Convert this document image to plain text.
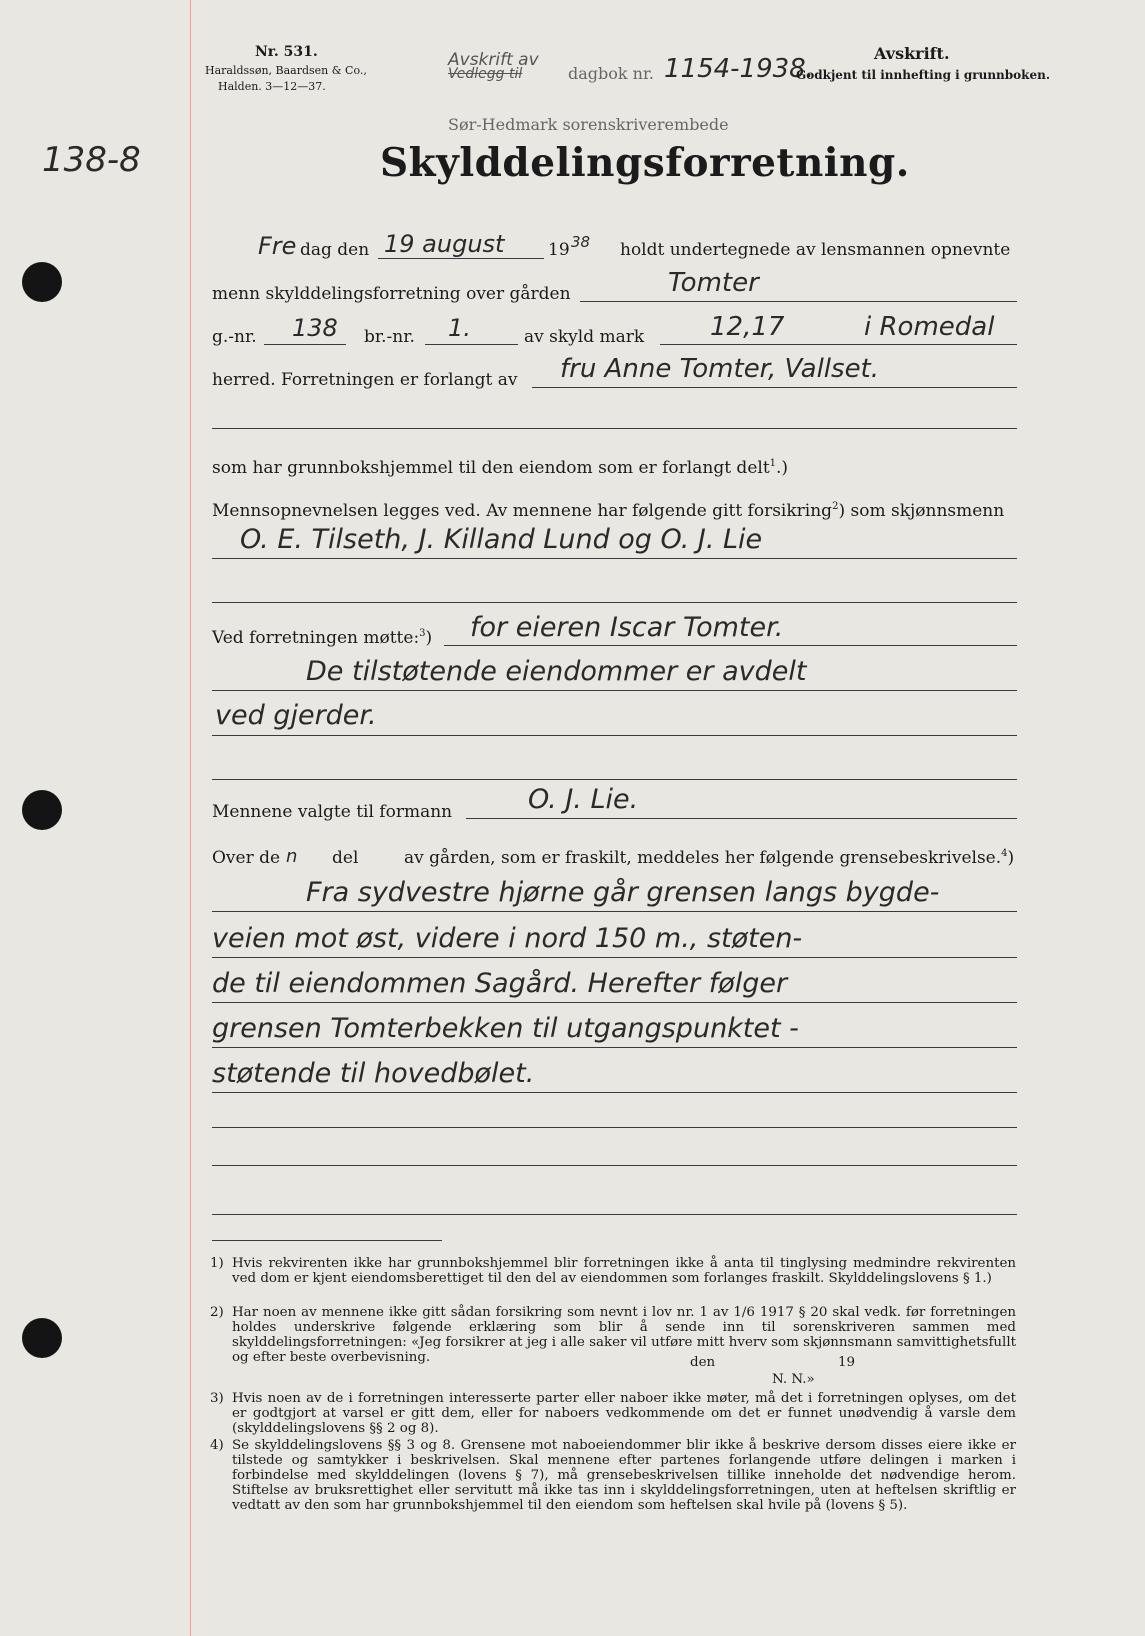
138-8
Nr. 531.
Haraldssøn, Baardsen & Co.,
Halden. 3—12—37.
Avskrift av
Vedlegg til	dagbok nr. 1154-1938.
Sør-Hedmark sorenskriverembede
Avskrift.
Godkjent til innhefting i grunnboken.
Skylddelingsforretning.
Fre dag den 19 august	19 38 holdt undertegnede av lensmannen opnevnte
menn skylddelingsforretning over gården	Tomter
g.-nr. 138 br.-nr. 1.	av skyld mark	12,17	i Romedal
herred. Forretningen er forlangt av fru Anne Tomter, Vallset.
som har grunnbokshjemmel til den eiendom som er forlangt delt$^1$.)
Mennsopnevnelsen legges ved. Av mennene har følgende gitt forsikring$^2$) som skjønnsmenn
O. E. Tilseth, J. Killand Lund og O. J. Lie
Ved forretningen møtte:$^3$) for eieren Iscar Tomter.
De tilstøtende eiendommer er avdelt
ved gjerder.
Mennene valgte til formann	O. J. Lie.
Over de n del	av gården, som er fraskilt, meddeles her følgende grensebeskrivelse.$^4$)
Fra sydvestre hjørne går grensen langs bygde-
veien mot øst, videre i nord 150 m., støten-
de til eiendommen Sagård. Herefter følger
grensen Tomterbekken til utgangspunktet -
støtende til hovedbølet.
1) Hvis rekvirenten ikke har grunnbokshjemmel blir forretningen ikke å anta til tinglysing medmindre rekvirenten ved dom er kjent eiendomsberettiget til den del av eiendommen som forlanges fraskilt. Skylddelingslovens § 1.)
2) Har noen av mennene ikke gitt sådan forsikring som nevnt i lov nr. 1 av 1/6 1917 § 20 skal vedk. før forretningen holdes underskrive følgende erklæring som blir å sende inn til sorenskriveren sammen med skylddelingsforretningen: «Jeg forsikrer at jeg i alle saker vil utføre mitt hverv som skjønnsmann samvittighetsfullt og efter beste overbevisning.	den	19
N. N.»
3) Hvis noen av de i forretningen interesserte parter eller naboer ikke møter, må det i forretningen oplyses, om det er godtgjort at varsel er gitt dem, eller for naboers vedkommende om det er funnet unødvendig å varsle dem (skylddelingslovens §§ 2 og 8).
4) Se skylddelingslovens §§ 3 og 8. Grensene mot naboeiendommer blir ikke å beskrive dersom disses eiere ikke er tilstede og samtykker i beskrivelsen. Skal mennene efter partenes forlangende utføre delingen i marken i forbindelse med skylddelingen (lovens § 7), må grensebeskrivelsen tillike inneholde det nødvendige herom. Stiftelse av bruksrettighet eller servitutt må ikke tas inn i skylddelingsforretningen, uten at heftelsen skriftlig er vedtatt av den som har grunnbokshjemmel til den eiendom som heftelsen skal hvile på (lovens § 5).
